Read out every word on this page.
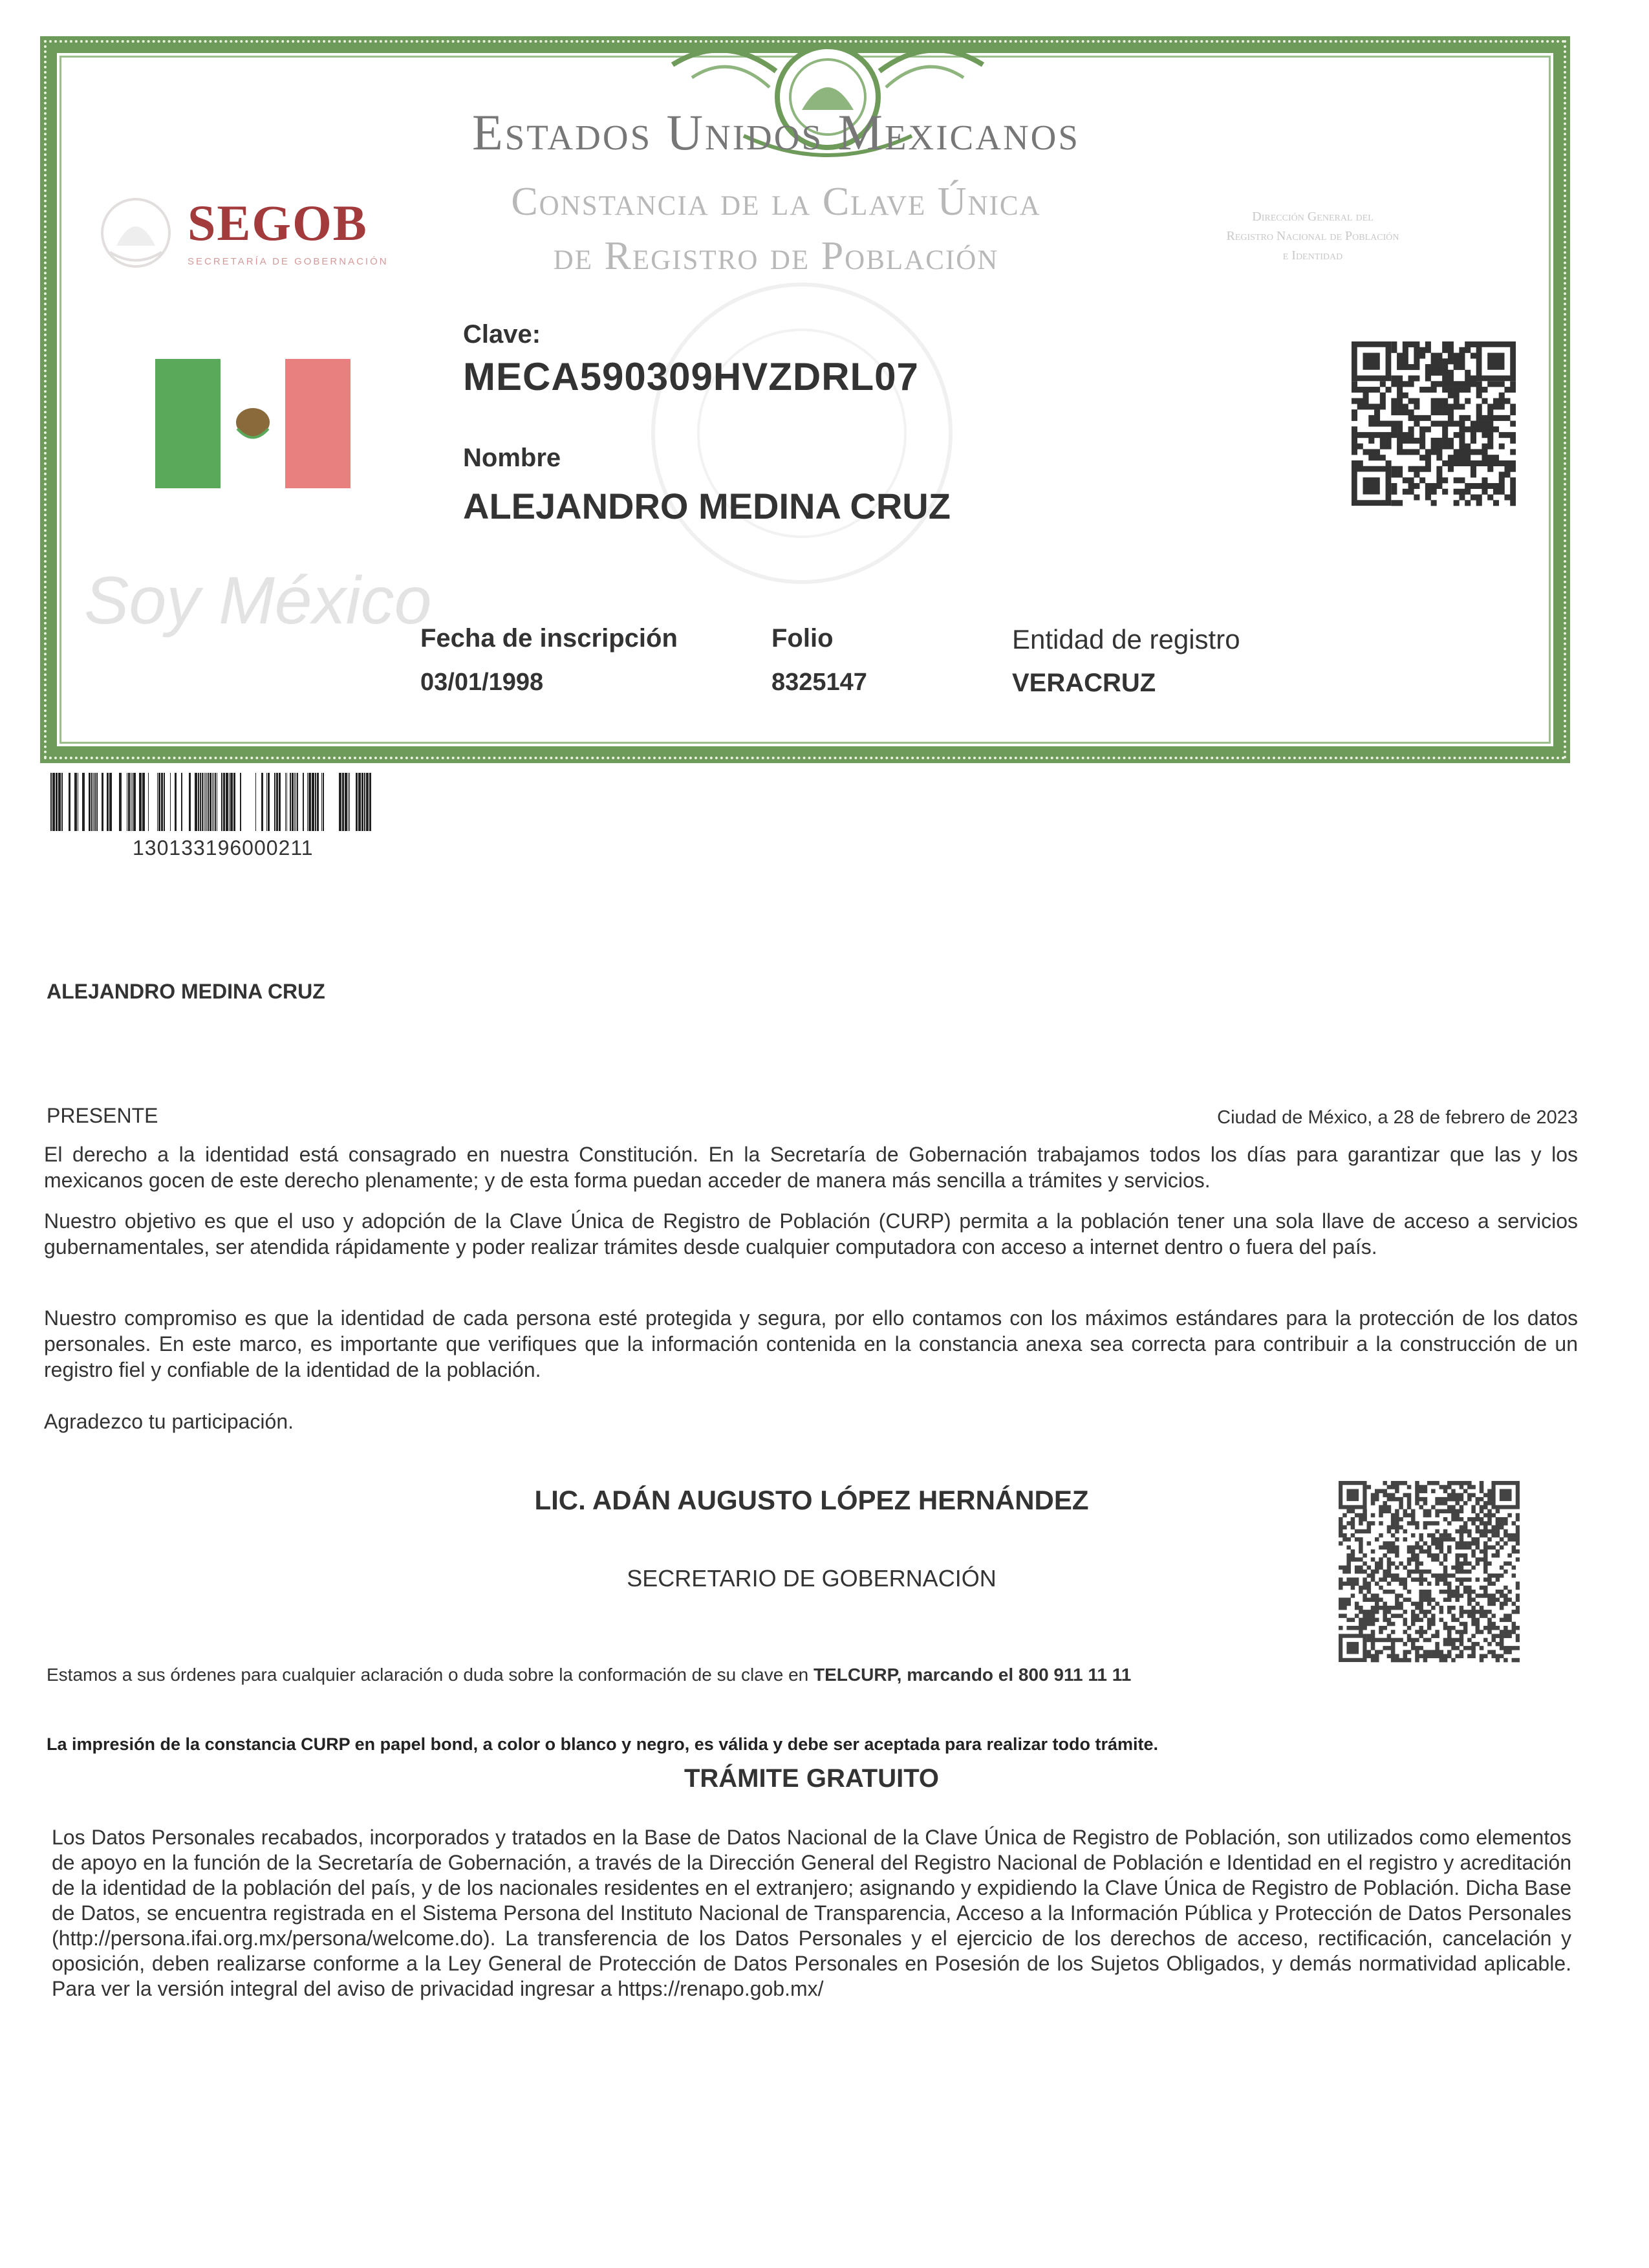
SEGOB
SECRETARÍA DE GOBERNACIÓN
Estados Unidos Mexicanos
Constancia de la Clave Única
de Registro de Población
Dirección General del
Registro Nacional de Población
e Identidad
Clave:
MECA590309HVZDRL07
Nombre
ALEJANDRO MEDINA CRUZ
Soy México
Fecha de inscripción
03/01/1998
Folio
8325147
Entidad de registro
VERACRUZ
130133196000211
ALEJANDRO MEDINA CRUZ
PRESENTE	Ciudad de México, a 28 de febrero de 2023
El derecho a la identidad está consagrado en nuestra Constitución. En la Secretaría de Gobernación trabajamos todos los días para garantizar que las y los mexicanos gocen de este derecho plenamente; y de esta forma puedan acceder de manera más sencilla a trámites y servicios.
Nuestro objetivo es que el uso y adopción de la Clave Única de Registro de Población (CURP) permita a la población tener una sola llave de acceso a servicios gubernamentales, ser atendida rápidamente y poder realizar trámites desde cualquier computadora con acceso a internet dentro o fuera del país.
Nuestro compromiso es que la identidad de cada persona esté protegida y segura, por ello contamos con los máximos estándares para la protección de los datos personales. En este marco, es importante que verifiques que la información contenida en la constancia anexa sea correcta para contribuir a la construcción de un registro fiel y confiable de la identidad de la población.
Agradezco tu participación.
LIC. ADÁN AUGUSTO LÓPEZ HERNÁNDEZ
SECRETARIO DE GOBERNACIÓN
Estamos a sus órdenes para cualquier aclaración o duda sobre la conformación de su clave en TELCURP, marcando el 800 911 11 11
La impresión de la constancia CURP en papel bond, a color o blanco y negro, es válida y debe ser aceptada para realizar todo trámite.
TRÁMITE GRATUITO
Los Datos Personales recabados, incorporados y tratados en la Base de Datos Nacional de la Clave Única de Registro de Población, son utilizados como elementos de apoyo en la función de la Secretaría de Gobernación, a través de la Dirección General del Registro Nacional de Población e Identidad en el registro y acreditación de la identidad de la población del país, y de los nacionales residentes en el extranjero; asignando y expidiendo la Clave Única de Registro de Población. Dicha Base de Datos, se encuentra registrada en el Sistema Persona del Instituto Nacional de Transparencia, Acceso a la Información Pública y Protección de Datos Personales (http://persona.ifai.org.mx/persona/welcome.do). La transferencia de los Datos Personales y el ejercicio de los derechos de acceso, rectificación, cancelación y oposición, deben realizarse conforme a la Ley General de Protección de Datos Personales en Posesión de los Sujetos Obligados, y demás normatividad aplicable. Para ver la versión integral del aviso de privacidad ingresar a https://renapo.gob.mx/
